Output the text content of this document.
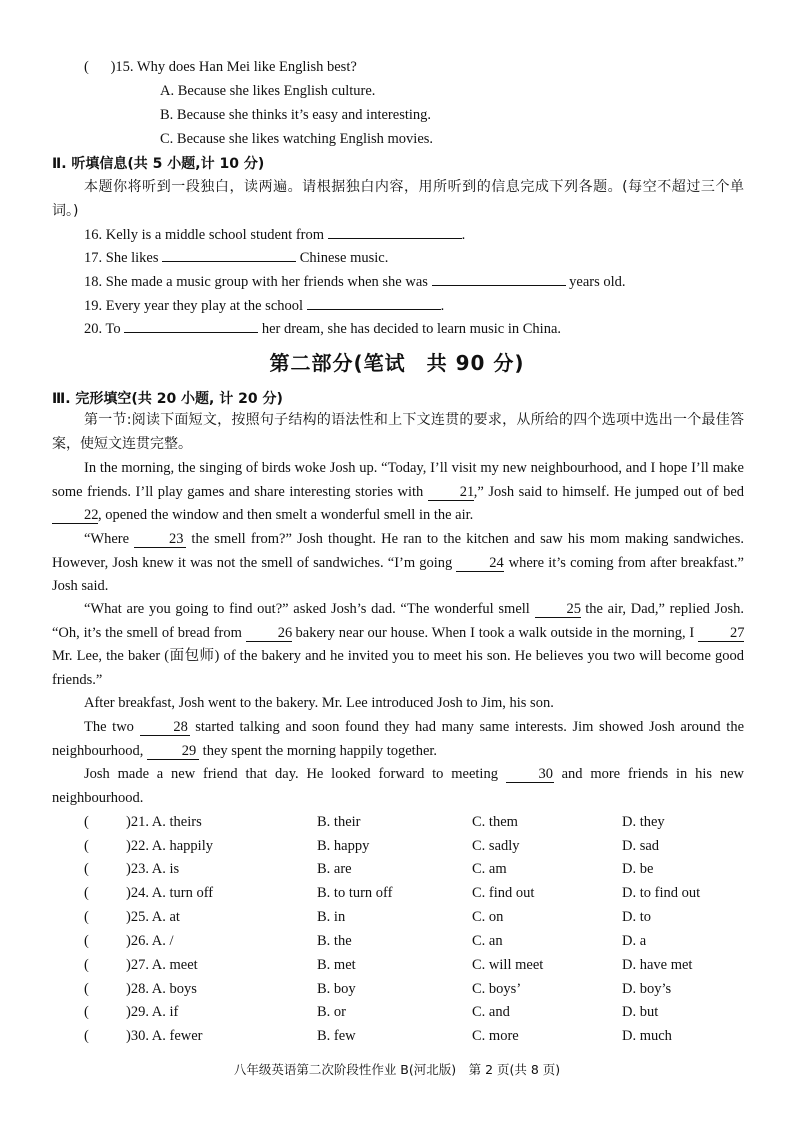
( )15. Why does Han Mei like English best?
A. Because she likes English culture.
B. Because she thinks it’s easy and interesting.
C. Because she likes watching English movies.
Ⅱ. 听填信息(共 5 小题,计 10 分)
本题你将听到一段独白，读两遍。请根据独白内容，用所听到的信息完成下列各题。(每空不超过三个单词。)
16. Kelly is a middle school student from	.
17. She likes	Chinese music.
18. She made a music group with her friends when she was	years old.
19. Every year they play at the school	.
20. To	her dream, she has decided to learn music in China.
第二部分(笔试　共 90 分)
Ⅲ. 完形填空(共 20 小题, 计 20 分)
第一节:阅读下面短文，按照句子结构的语法性和上下文连贯的要求，从所给的四个选项中选出一个最佳答案，使短文连贯完整。
In the morning, the singing of birds woke Josh up. “Today, I’ll visit my new neighbourhood, and I hope I’ll make some friends. I’ll play games and share interesting stories with	21,” Josh said to himself. He jumped out of bed 22, opened the window and then smelt a wonderful smell in the air.
“Where	23 the smell from?” Josh thought. He ran to the kitchen and saw his mom making sandwiches. However, Josh knew it was not the smell of sandwiches. “I’m going	24 where it’s coming from after breakfast.” Josh said.
“What are you going to find out?” asked Josh’s dad. “The wonderful smell	25 the air, Dad,” replied Josh. “Oh, it’s the smell of bread from 26 bakery near our house. When I took a walk outside in the morning, I 27 Mr. Lee, the baker (面包师) of the bakery and he invited you to meet his son. He believes you two will become good friends.”
After breakfast, Josh went to the bakery. Mr. Lee introduced Josh to Jim, his son.
The two	28 started talking and soon found they had many same interests. Jim showed Josh around the neighbourhood,	29 they spent the morning happily together.
Josh made a new friend that day. He looked forward to meeting	30 and more friends in his new neighbourhood.
(	)21. A. theirs	B. their	C. them	D. they
(	)22. A. happily	B. happy	C. sadly	D. sad
(	)23. A. is	B. are	C. am	D. be
(	)24. A. turn off	B. to turn off	C. find out	D. to find out
(	)25. A. at	B. in	C. on	D. to
(	)26. A. /	B. the	C. an	D. a
(	)27. A. meet	B. met	C. will meet	D. have met
(	)28. A. boys	B. boy	C. boys’	D. boy’s
(	)29. A. if	B. or	C. and	D. but
(	)30. A. fewer	B. few	C. more	D. much
八年级英语第二次阶段性作业 B(河北版)　第 2 页(共 8 页)
